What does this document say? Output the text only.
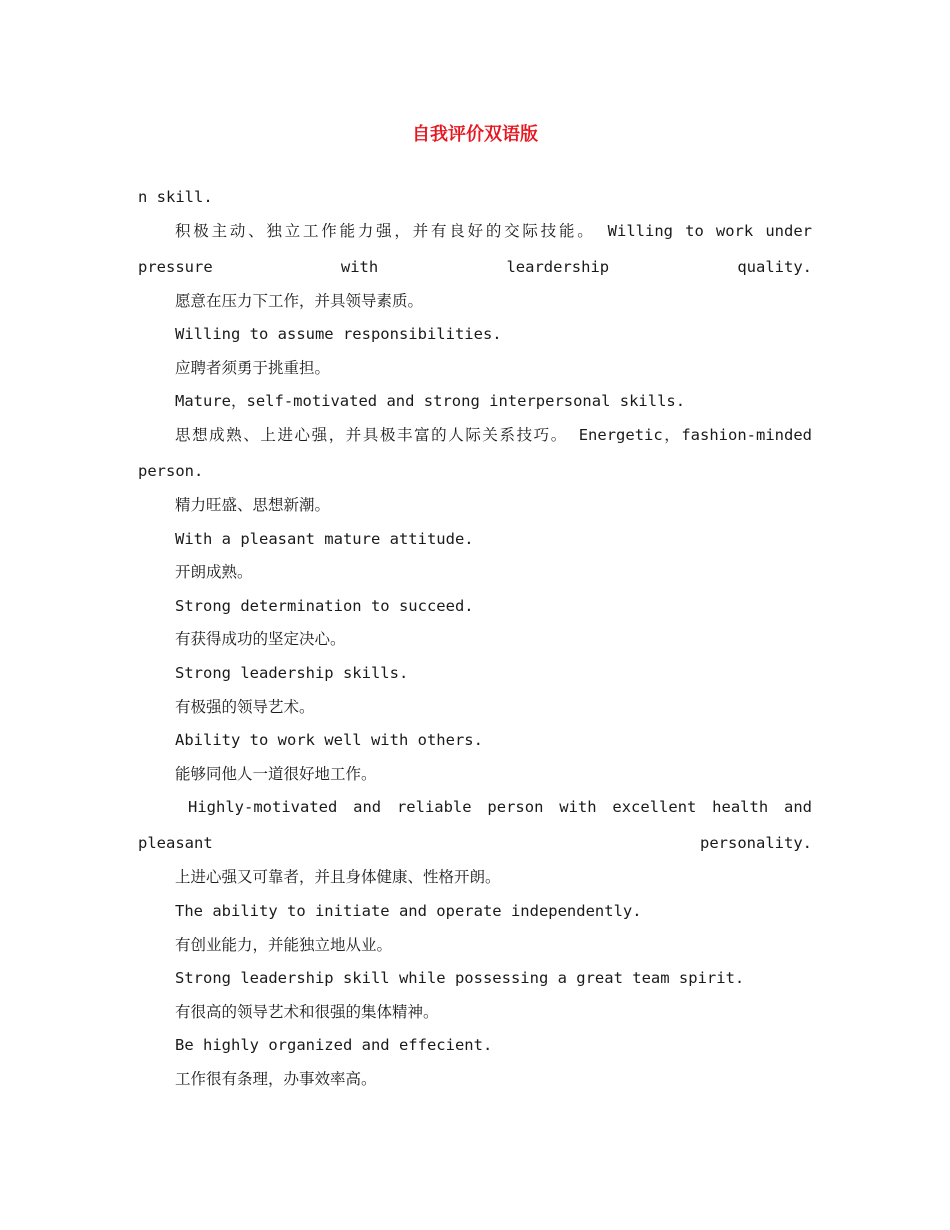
自我评价双语版
n skill.
积极主动、独立工作能力强，并有良好的交际技能。 Willing to work under pressure with leardership quality.
愿意在压力下工作，并具领导素质。
Willing to assume responsibilities.
应聘者须勇于挑重担。
Mature，self-motivated and strong interpersonal skills.
思想成熟、上进心强，并具极丰富的人际关系技巧。 Energetic，fashion-minded person.
精力旺盛、思想新潮。
With a pleasant mature attitude.
开朗成熟。
Strong determination to succeed.
有获得成功的坚定决心。
Strong leadership skills.
有极强的领导艺术。
Ability to work well with others.
能够同他人一道很好地工作。
Highly-motivated and reliable person with excellent health and pleasant personality.
上进心强又可靠者，并且身体健康、性格开朗。
The ability to initiate and operate independently.
有创业能力，并能独立地从业。
Strong leadership skill while possessing a great team spirit.
有很高的领导艺术和很强的集体精神。
Be highly organized and effecient.
工作很有条理，办事效率高。
